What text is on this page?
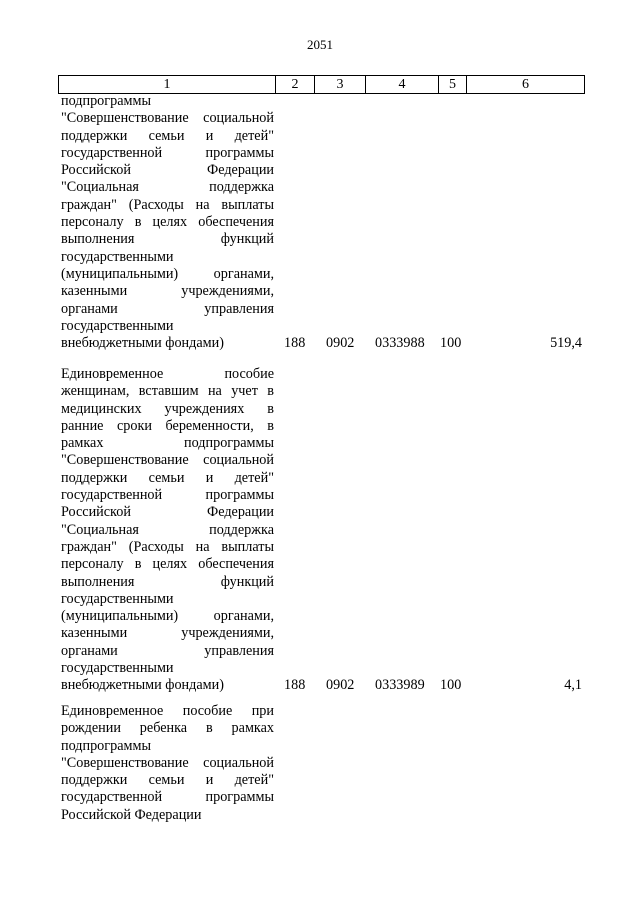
2051
1	2	3	4	5	6
подпрограммы
"Совершенствование социальной
поддержки семьи и детей"
государственной программы
Российской Федерации
"Социальная поддержка
граждан" (Расходы на выплаты
персоналу в целях обеспечения
выполнения функций
государственными
(муниципальными) органами,
казенными учреждениями,
органами управления
государственными
внебюджетными фондами)	188 0902 0333988 100	519,4
Единовременное пособие
женщинам, вставшим на учет в
медицинских учреждениях в
ранние сроки беременности, в
рамках подпрограммы
"Совершенствование социальной
поддержки семьи и детей"
государственной программы
Российской Федерации
"Социальная поддержка
граждан" (Расходы на выплаты
персоналу в целях обеспечения
выполнения функций
государственными
(муниципальными) органами,
казенными учреждениями,
органами управления
государственными
внебюджетными фондами)	188 0902 0333989 100	4,1
Единовременное пособие при
рождении ребенка в рамках
подпрограммы
"Совершенствование социальной
поддержки семьи и детей"
государственной программы
Российской Федерации
